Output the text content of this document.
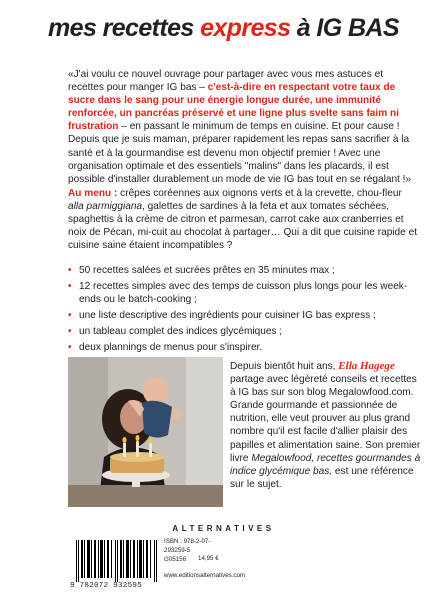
mes recettes express à IG BAS

«J'ai voulu ce nouvel ouvrage pour partager avec vous mes astuces et recettes pour manger IG bas – c'est-à-dire en respectant votre taux de sucre dans le sang pour une énergie longue durée, une immunité renforcée, un pancréas préservé et une ligne plus svelte sans faim ni frustration – en passant le minimum de temps en cuisine. Et pour cause ! Depuis que je suis maman, préparer rapidement les repas sans sacrifier à la santé et à la gourmandise est devenu mon objectif premier ! Avec une organisation optimale et des essentiels "malins" dans les placards, il est possible d'installer durablement un mode de vie IG bas tout en se régalant !»

Au menu : crêpes coréennes aux oignons verts et à la crevette, chou-fleur alla parmiggiana, galettes de sardines à la feta et aux tomates séchées, spaghettis à la crème de citron et parmesan, carrot cake aux cranberries et noix de Pécan, mi-cuit au chocolat à partager… Qui a dit que cuisine rapide et cuisine saine étaient incompatibles ?

• 50 recettes salées et sucrées prêtes en 35 minutes max ;
• 12 recettes simples avec des temps de cuisson plus longs pour les week-ends ou le batch-cooking ;
• une liste descriptive des ingrédients pour cuisiner IG bas express ;
• un tableau complet des indices glycémiques ;
• deux plannings de menus pour s'inspirer.

Depuis bientôt huit ans, Ella Hagege partage avec légèreté conseils et recettes à IG bas sur son blog Megalowfood.com. Grande gourmande et passionnée de nutrition, elle veut prouver au plus grand nombre qu'il est facile d'allier plaisir des papilles et alimentation saine. Son premier livre Megalowfood, recettes gourmandes à indice glycémique bas, est une référence sur le sujet.

ALTERNATIVES
9 782072 932595
ISBN : 978-2-07-293259-5
G05156	14,95 €
www.editionsalternatives.com
